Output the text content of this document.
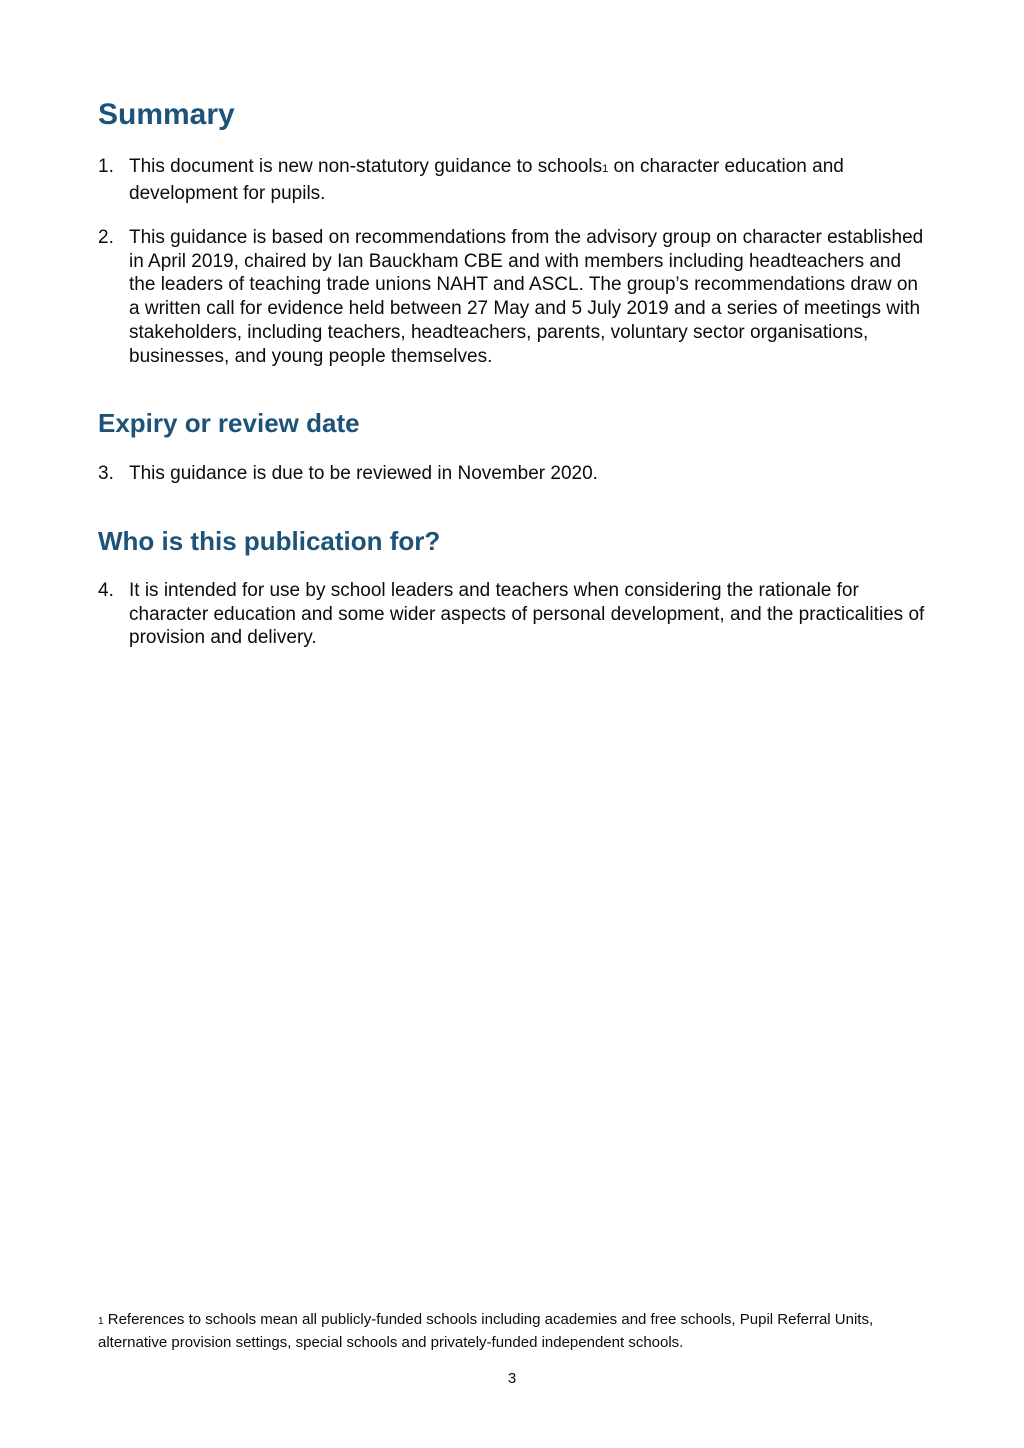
Summary
1. This document is new non-statutory guidance to schools1 on character education and development for pupils.
2. This guidance is based on recommendations from the advisory group on character established in April 2019, chaired by Ian Bauckham CBE and with members including headteachers and the leaders of teaching trade unions NAHT and ASCL. The group’s recommendations draw on a written call for evidence held between 27 May and 5 July 2019 and a series of meetings with stakeholders, including teachers, headteachers, parents, voluntary sector organisations, businesses, and young people themselves.
Expiry or review date
3. This guidance is due to be reviewed in November 2020.
Who is this publication for?
4. It is intended for use by school leaders and teachers when considering the rationale for character education and some wider aspects of personal development, and the practicalities of provision and delivery.

1 References to schools mean all publicly-funded schools including academies and free schools, Pupil Referral Units, alternative provision settings, special schools and privately-funded independent schools.

3
